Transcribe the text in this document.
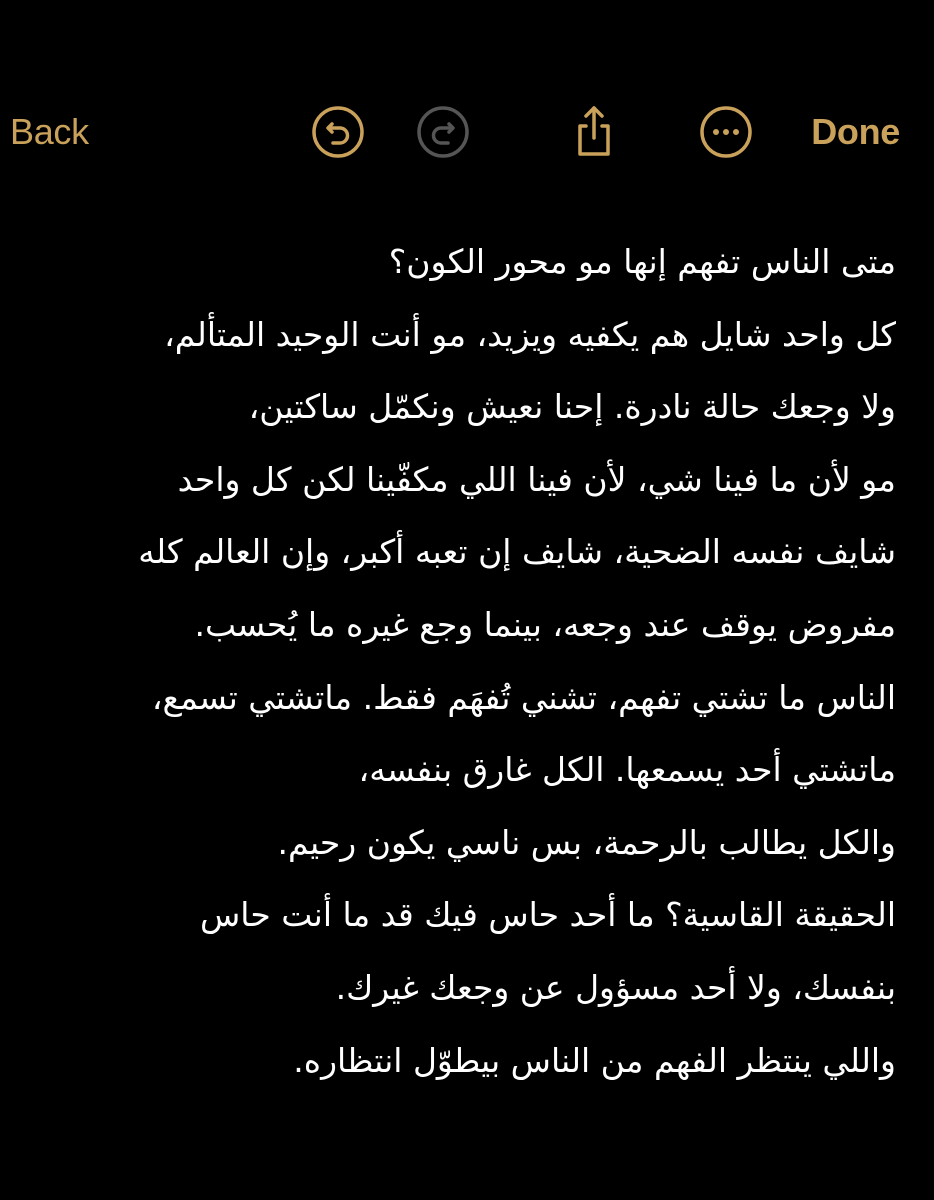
Back	Done
متى الناس تفهم إنها مو محور الكون؟
كل واحد شايل هم يكفيه ويزيد، مو أنت الوحيد المتألم،
ولا وجعك حالة نادرة. إحنا نعيش ونكمّل ساكتين،
مو لأن ما فينا شي، لأن فينا اللي مكفّينا لكن كل واحد
شايف نفسه الضحية، شايف إن تعبه أكبر، وإن العالم كله
مفروض يوقف عند وجعه، بينما وجع غيره ما يُحسب.
الناس ما تشتي تفهم، تشني تُفهَم فقط. ماتشتي تسمع،
ماتشتي أحد يسمعها. الكل غارق بنفسه،
والكل يطالب بالرحمة، بس ناسي يكون رحيم.
الحقيقة القاسية؟ ما أحد حاس فيك قد ما أنت حاس
بنفسك، ولا أحد مسؤول عن وجعك غيرك.
واللي ينتظر الفهم من الناس بيطوّل انتظاره.
